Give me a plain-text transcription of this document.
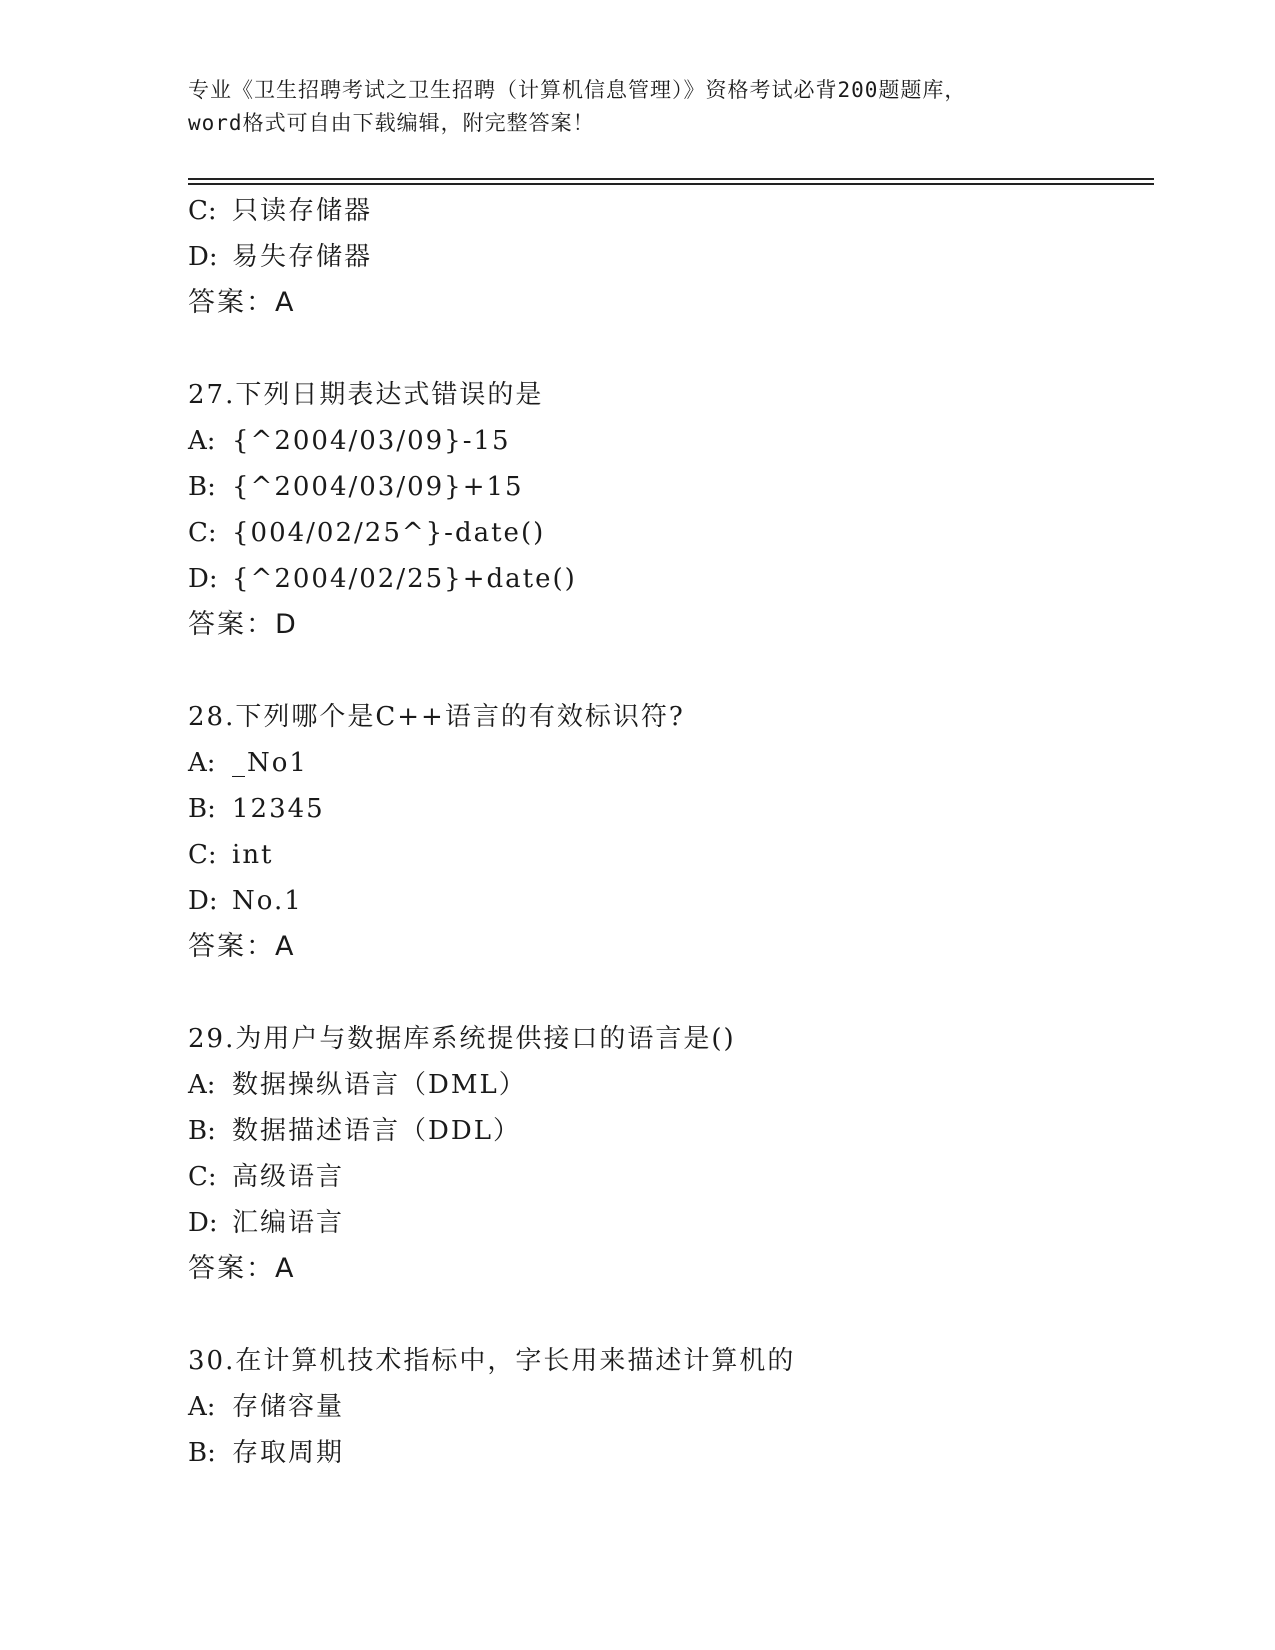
专业《卫生招聘考试之卫生招聘（计算机信息管理）》资格考试必背200题题库，
word格式可自由下载编辑，附完整答案！
C: 只读存储器
D: 易失存储器
答案：A
27.下列日期表达式错误的是
A: {^2004/03/09}-15
B: {^2004/03/09}+15
C: {004/02/25^}-date()
D: {^2004/02/25}+date()
答案：D
28.下列哪个是C++语言的有效标识符?
A: _No1
B: 12345
C: int
D: No.1
答案：A
29.为用户与数据库系统提供接口的语言是()
A: 数据操纵语言（DML）
B: 数据描述语言（DDL）
C: 高级语言
D: 汇编语言
答案：A
30.在计算机技术指标中，字长用来描述计算机的
A: 存储容量
B: 存取周期
